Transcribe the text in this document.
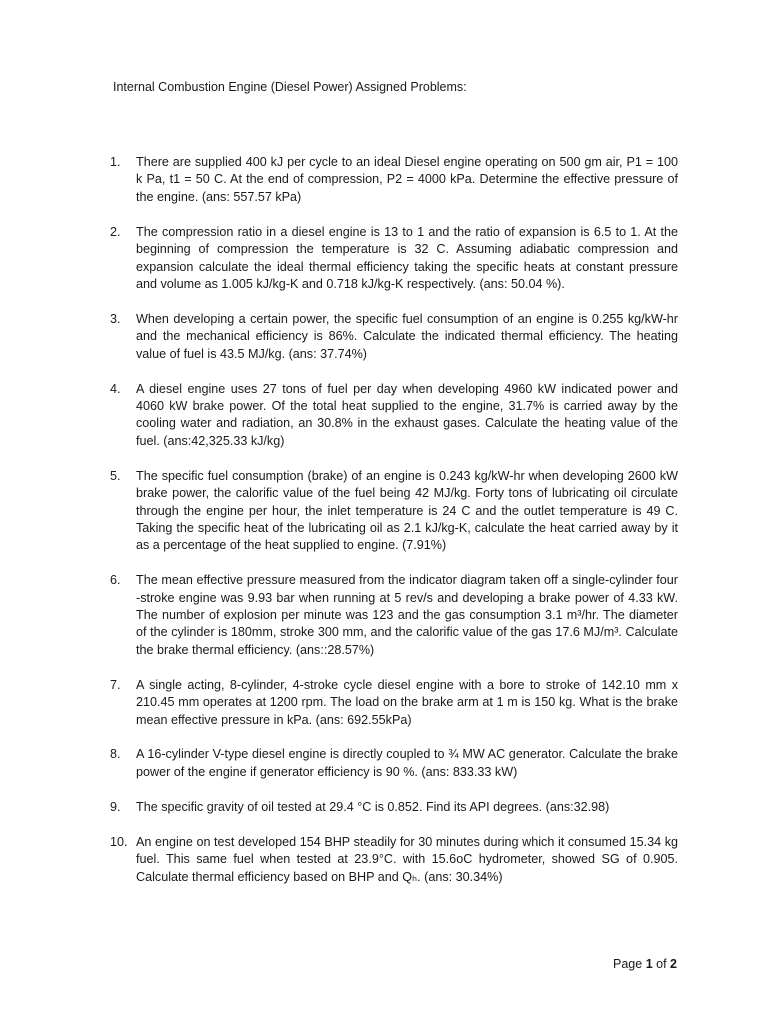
Internal Combustion Engine (Diesel Power) Assigned Problems:
1.	There are supplied 400 kJ per cycle to an ideal Diesel engine operating on 500 gm air, P1 = 100 k Pa, t1 = 50 C. At the end of compression, P2 = 4000 kPa. Determine the effective pressure of the engine. (ans: 557.57 kPa)
2.	The compression ratio in a diesel engine is 13 to 1 and the ratio of expansion is 6.5 to 1. At the beginning of compression the temperature is 32 C. Assuming adiabatic compression and expansion calculate the ideal thermal efficiency taking the specific heats at constant pressure and volume as 1.005 kJ/kg-K and 0.718 kJ/kg-K respectively. (ans: 50.04 %).
3.	When developing a certain power, the specific fuel consumption of an engine is 0.255 kg/kW-hr and the mechanical efficiency is 86%. Calculate the indicated thermal efficiency. The heating value of fuel is 43.5 MJ/kg. (ans: 37.74%)
4.	A diesel engine uses 27 tons of fuel per day when developing 4960 kW indicated power and 4060 kW brake power. Of the total heat supplied to the engine, 31.7% is carried away by the cooling water and radiation, an 30.8% in the exhaust gases. Calculate the heating value of the fuel. (ans:42,325.33 kJ/kg)
5.	The specific fuel consumption (brake) of an engine is 0.243 kg/kW-hr when developing 2600 kW brake power, the calorific value of the fuel being 42 MJ/kg. Forty tons of lubricating oil circulate through the engine per hour, the inlet temperature is 24 C and the outlet temperature is 49 C. Taking the specific heat of the lubricating oil as 2.1 kJ/kg-K, calculate the heat carried away by it as a percentage of the heat supplied to engine. (7.91%)
6.	The mean effective pressure measured from the indicator diagram taken off a single-cylinder four -stroke engine was 9.93 bar when running at 5 rev/s and developing a brake power of 4.33 kW. The number of explosion per minute was 123 and the gas consumption 3.1 m³/hr. The diameter of the cylinder is 180mm, stroke 300 mm, and the calorific value of the gas 17.6 MJ/m³. Calculate the brake thermal efficiency. (ans::28.57%)
7.	A single acting, 8-cylinder, 4-stroke cycle diesel engine with a bore to stroke of 142.10 mm x 210.45 mm operates at 1200 rpm. The load on the brake arm at 1 m is 150 kg. What is the brake mean effective pressure in kPa. (ans: 692.55kPa)
8.	A 16-cylinder V-type diesel engine is directly coupled to ¾ MW AC generator. Calculate the brake power of the engine if generator efficiency is 90 %. (ans: 833.33 kW)
9.	The specific gravity of oil tested at 29.4 °C is 0.852. Find its API degrees. (ans:32.98)
10. An engine on test developed 154 BHP steadily for 30 minutes during which it consumed 15.34 kg fuel. This same fuel when tested at 23.9°C. with 15.6oC hydrometer, showed SG of 0.905. Calculate thermal efficiency based on BHP and Qₕ. (ans: 30.34%)
Page 1 of 2
